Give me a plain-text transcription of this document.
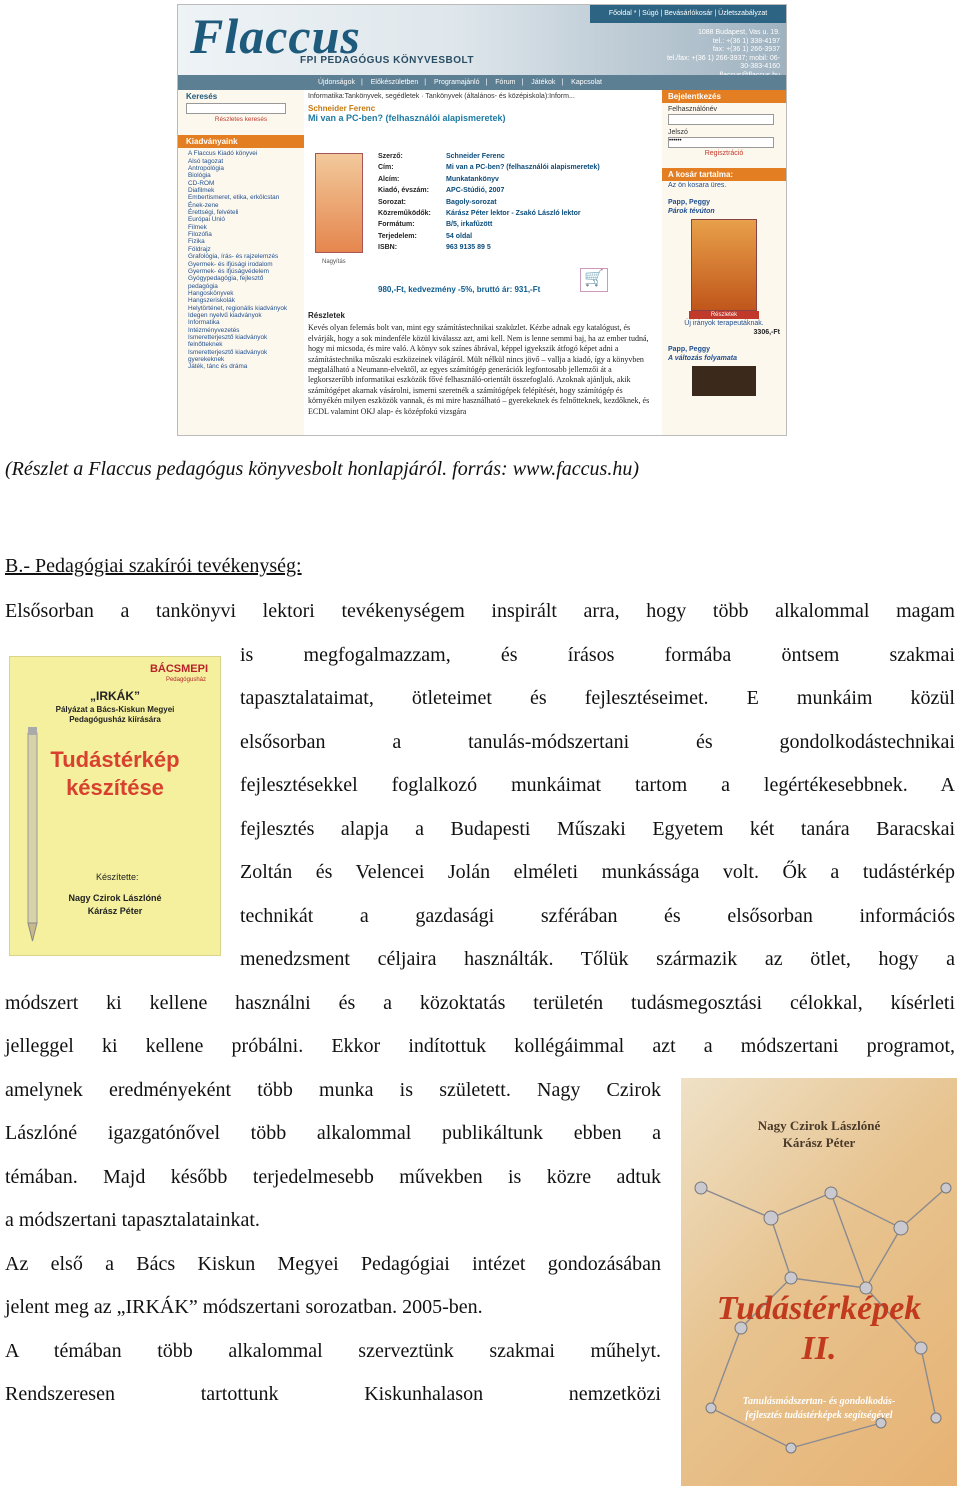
Flaccus
FPI PEDAGÓGUS KÖNYVESBOLT
Főoldal * | Súgó | Bevásárlókosár | Üzletszabályzat
1088 Budapest, Vas u. 19.
tel.: +(36 1) 338-4197
fax: +(36 1) 266-3937
tel./fax: +(36 1) 266-3937; mobil: 06-30-383-4160
Újdonságok | Előkészületben | Programajánló | Fórum | Játékok | Kapcsolat
Keresés
Részletes keresés
Kiadványaink
A Flaccus Kiadó könyvei
Alsó tagozat
Antropológia
Biológia
CD-ROM
Diafilmek
Embertismeret, etika, erkölcstan
Ének-zene
Érettségi, felvételi
Európai Unió
Filmek
Filozófia
Fizika
Földrajz
Grafológia, írás- és rajzelemzés
Gyermek- és ifjúsági irodalom
Gyermek- és ifjúságvédelem
Gyógypedagógia, fejlesztő pedagógia
Hangoskönyvek
Hangszeriskolák
Helytörténet, regionális kiadványok
Idegen nyelvű kiadványok
Informatika
Intézményvezetés
Ismeretterjesztő kiadványok felnőtteknek
Ismeretterjesztő kiadványok gyerekeknek
Játék, tánc és dráma
Informatika:Tankönyvek, segédletek · Tankönyvek (általános- és középiskola):Inform...
Schneider Ferenc
Mi van a PC-ben? (felhasználói alapismeretek)
Nagyítás
Szerző:	Schneider Ferenc
Cím:	Mi van a PC-ben? (felhasználói alapismeretek)
Alcím:	Munkatankönyv
Kiadó, évszám: APC-Stúdió, 2007
Sorozat:	Bagoly-sorozat
Közreműködők: Kárász Péter lektor - Zsakó László lektor
Formátum:	B/5, irkafűzött
Terjedelem:	54 oldal
ISBN:	963 9135 89 5
🛒
980,-Ft, kedvezmény -5%, bruttó ár: 931,-Ft
Részletek
Kevés olyan felemás bolt van, mint egy számítástechnikai szaküzlet. Kézbe adnak egy katalógust, és elvárják, hogy a sok mindenféle közül kiválassz azt, ami kell. Nem is lenne semmi baj, ha az ember tudná, hogy mi micsoda, és mire való. A könyv sok színes ábrával, képpel igyekszik átfogó képet adni a számítástechnika műszaki eszközeinek világáról. Mült nélkül nincs jövő – vallja a kiadó, így a könyvben megtalálható a Neumann-elvektől, az egyes számítógép generációk legfontosabb jellemzői át a legkorszerűbb informatikai eszközök fővé felhasználó-orientált összefoglaló. Azoknak ajánljuk, akik számítógépet akarnak vásárolni, ismerni szeretnék a számítógépek felépítését, hogy számítógép és környékén milyen eszközök vannak, és mi mire használható – gyerekeknek és felnőtteknek, kezdőknek, és ECDL valamint OKJ alap- és középfokú vizsgára
Bejelentkezés
Felhasználónév
Jelszó
••••••
Regisztráció
A kosár tartalma:
Az ön kosara üres.
Papp, Peggy
Párok tévúton
Részletek
Új irányok terapeutáknak.
3306,-Ft
Papp, Peggy
A változás folyamata
(Részlet a Flaccus pedagógus könyvesbolt honlapjáról. forrás: www.faccus.hu)
B.- Pedagógiai szakírói tevékenység:
Elsősorban a tankönyvi lektori tevékenységem inspirált arra, hogy több alkalommal magam
is megfogalmazzam, és írásos formába öntsem szakmai
tapasztalataimat, ötleteimet és fejlesztéseimet. E munkáim közül
elsősorban a tanulás-módszertani és gondolkodástechnikai
fejlesztésekkel foglalkozó munkáimat tartom a legértékesebbnek. A
fejlesztés alapja a Budapesti Műszaki Egyetem két tanára Baracskai
Zoltán és Velencei Jolán elméleti munkássága volt. Ők a tudástérkép
technikát a gazdasági szférában és elsősorban információs
menedzsment céljaira használták. Tőlük származik az ötlet, hogy a
módszert ki kellene használni és a közoktatás területén tudásmegosztási célokkal, kísérleti
jelleggel ki kellene próbálni. Ekkor indítottuk kollégáimmal azt a módszertani programot,
amelynek eredményeként több munka is született. Nagy Czirok
Lászlóné igazgatónővel több alkalommal publikáltunk ebben a
témában. Majd később terjedelmesebb művekben is közre adtuk
a módszertani tapasztalatainkat.
Az első a Bács Kiskun Megyei Pedagógiai intézet gondozásában
jelent meg az „IRKÁK” módszertani sorozatban. 2005-ben.
A témában több alkalommal szerveztünk szakmai műhelyt.
Rendszeresen tartottunk Kiskunhalason nemzetközi
BÁCSMEPI
Pedagógusház
„IRKÁK”
Pályázat a Bács-Kiskun Megyei
Pedagógusház kiírására
Tudástérkép
készítése
Készítette:
Nagy Czirok Lászlóné
Kárász Péter
Nagy Czirok Lászlóné
Kárász Péter
Tudástérképek
II.
Tanulásmódszertan- és gondolkodás-
fejlesztés tudástérképek segítségével
